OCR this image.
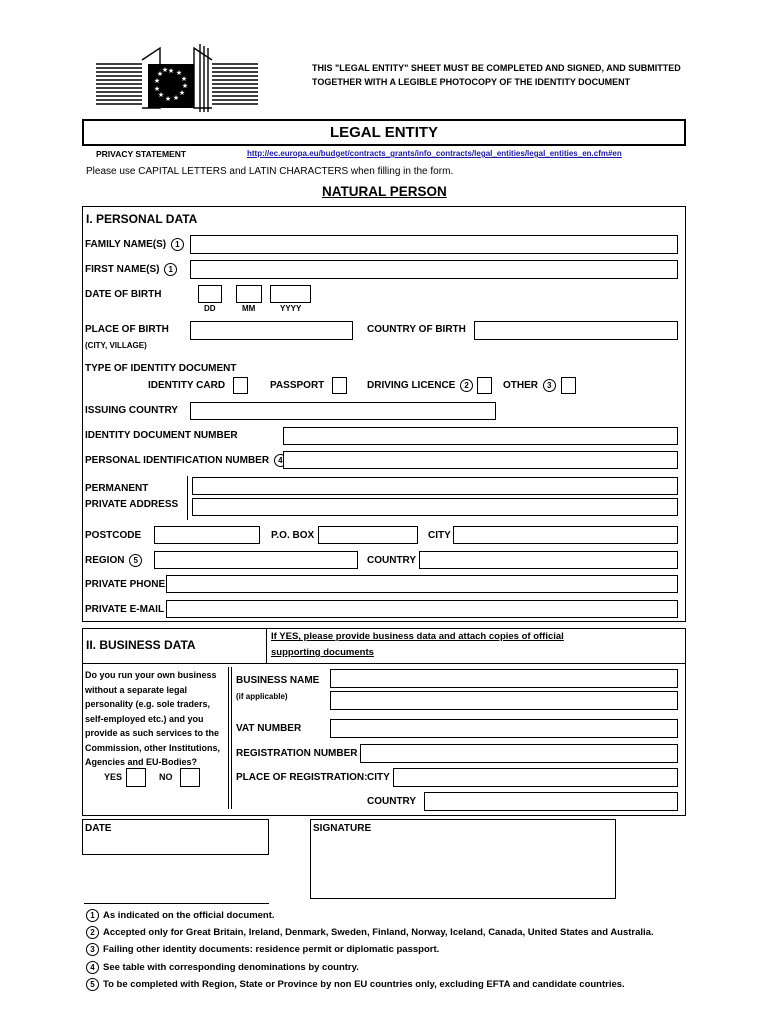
★ ★
★
★
★
★
★
★
★
★
★
★	THIS "LEGAL ENTITY" SHEET MUST BE COMPLETED AND SIGNED, AND SUBMITTED
TOGETHER WITH A LEGIBLE PHOTOCOPY OF THE IDENTITY DOCUMENT
LEGAL ENTITY
PRIVACY STATEMENT	http://ec.europa.eu/budget/contracts_grants/info_contracts/legal_entities/legal_entities_en.cfm#en
Please use CAPITAL LETTERS and LATIN CHARACTERS when filling in the form.
NATURAL PERSON
I. PERSONAL DATA
FAMILY NAME(S) 1
FIRST NAME(S) 1
DATE OF BIRTH
DD	MM	YYYY
PLACE OF BIRTH
(CITY, VILLAGE)
COUNTRY OF BIRTH
TYPE OF IDENTITY DOCUMENT
IDENTITY CARD	PASSPORT	DRIVING LICENCE 2	OTHER 3
ISSUING COUNTRY
IDENTITY DOCUMENT NUMBER
PERSONAL IDENTIFICATION NUMBER 4
PERMANENT
PRIVATE ADDRESS
POSTCODE	P.O. BOX	CITY
REGION 5	COUNTRY
PRIVATE PHONE
PRIVATE E-MAIL
II. BUSINESS DATA
If YES, please provide business data and attach copies of official
supporting documents
Do you run your own business
without a separate legal
personality (e.g. sole traders,
self-employed etc.) and you
provide as such services to the
Commission, other Institutions,
Agencies and EU-Bodies?
YES	NO
BUSINESS NAME
(if applicable)
VAT NUMBER
REGISTRATION NUMBER
PLACE OF REGISTRATION: CITY
COUNTRY
DATE	SIGNATURE
1 As indicated on the official document.
2 Accepted only for Great Britain, Ireland, Denmark, Sweden, Finland, Norway, Iceland, Canada, United States and Australia.
3 Failing other identity documents: residence permit or diplomatic passport.
4 See table with corresponding denominations by country.
5 To be completed with Region, State or Province by non EU countries only, excluding EFTA and candidate countries.
